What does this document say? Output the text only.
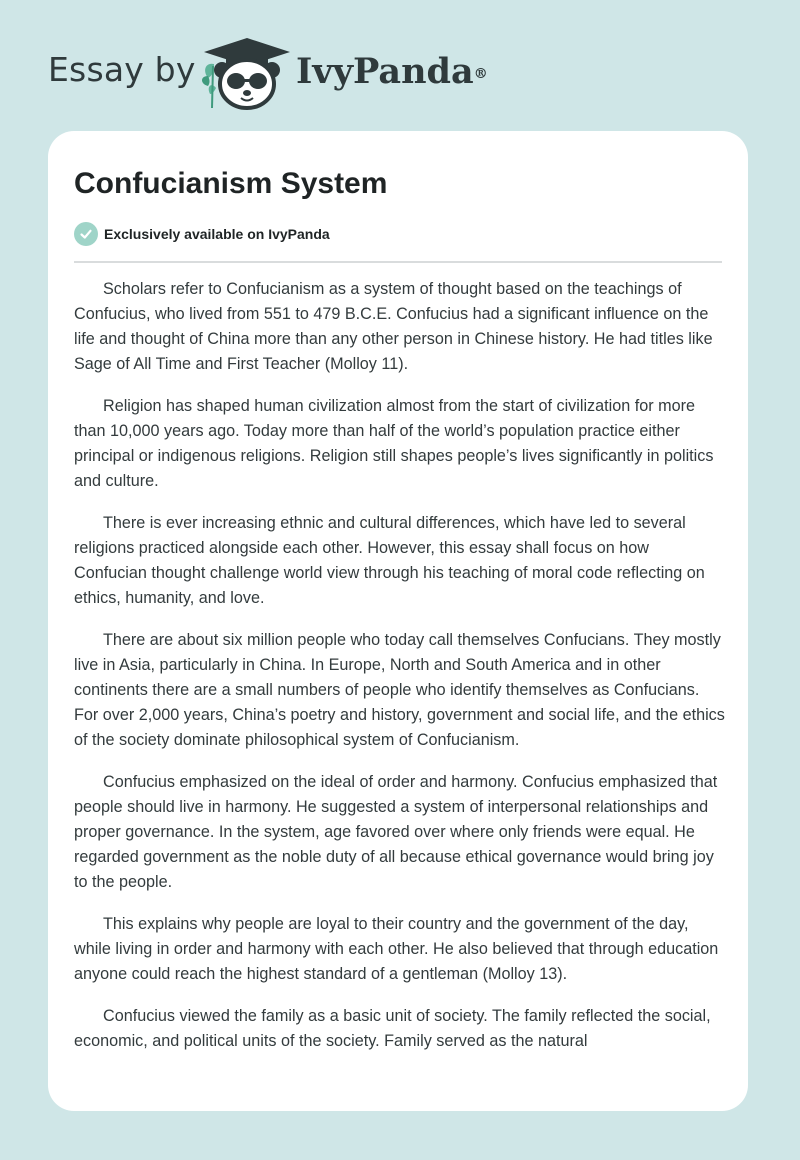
Essay by	IvyPanda®
Confucianism System
Exclusively available on IvyPanda

Scholars refer to Confucianism as a system of thought based on the teachings of Confucius, who lived from 551 to 479 B.C.E. Confucius had a significant influence on the life and thought of China more than any other person in Chinese history. He had titles like Sage of All Time and First Teacher (Molloy 11).

Religion has shaped human civilization almost from the start of civilization for more than 10,000 years ago. Today more than half of the world’s population practice either principal or indigenous religions. Religion still shapes people’s lives significantly in politics and culture.

There is ever increasing ethnic and cultural differences, which have led to several religions practiced alongside each other. However, this essay shall focus on how Confucian thought challenge world view through his teaching of moral code reflecting on ethics, humanity, and love.

There are about six million people who today call themselves Confucians. They mostly live in Asia, particularly in China. In Europe, North and South America and in other continents there are a small numbers of people who identify themselves as Confucians. For over 2,000 years, China’s poetry and history, government and social life, and the ethics of the society dominate philosophical system of Confucianism.

Confucius emphasized on the ideal of order and harmony. Confucius emphasized that people should live in harmony. He suggested a system of interpersonal relationships and proper governance. In the system, age favored over where only friends were equal. He regarded government as the noble duty of all because ethical governance would bring joy to the people.

This explains why people are loyal to their country and the government of the day, while living in order and harmony with each other. He also believed that through education anyone could reach the highest standard of a gentleman (Molloy 13).

Confucius viewed the family as a basic unit of society. The family reflected the social, economic, and political units of the society. Family served as the natural
